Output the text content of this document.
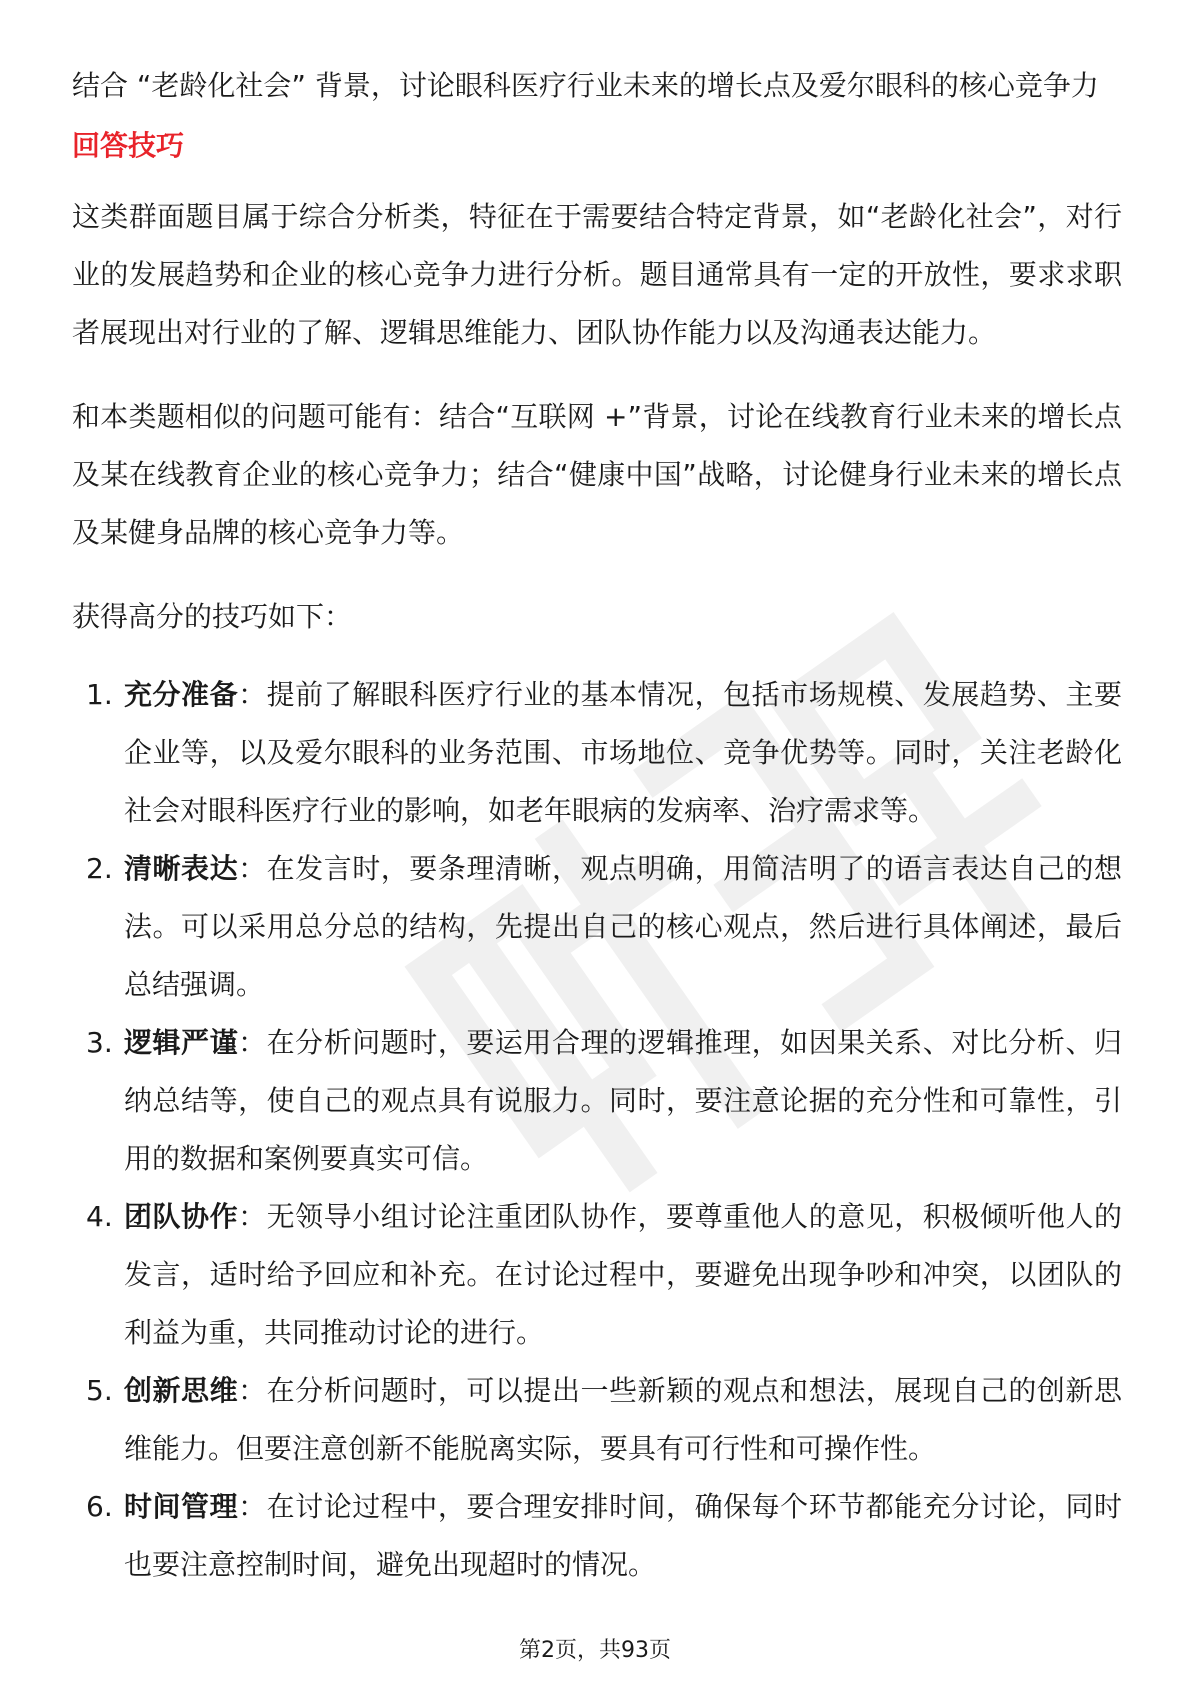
结合 “老龄化社会” 背景，讨论眼科医疗行业未来的增长点及爱尔眼科的核心竞争力

回答技巧

这类群面题目属于综合分析类，特征在于需要结合特定背景，如“老龄化社会”，对行业的发展趋势和企业的核心竞争力进行分析。题目通常具有一定的开放性，要求求职者展现出对行业的了解、逻辑思维能力、团队协作能力以及沟通表达能力。

和本类题相似的问题可能有：结合“互联网 +”背景，讨论在线教育行业未来的增长点及某在线教育企业的核心竞争力；结合“健康中国”战略，讨论健身行业未来的增长点及某健身品牌的核心竞争力等。

获得高分的技巧如下：

1. 充分准备：提前了解眼科医疗行业的基本情况，包括市场规模、发展趋势、主要企业等，以及爱尔眼科的业务范围、市场地位、竞争优势等。同时，关注老龄化社会对眼科医疗行业的影响，如老年眼病的发病率、治疗需求等。
2. 清晰表达：在发言时，要条理清晰，观点明确，用简洁明了的语言表达自己的想法。可以采用总分总的结构，先提出自己的核心观点，然后进行具体阐述，最后总结强调。
3. 逻辑严谨：在分析问题时，要运用合理的逻辑推理，如因果关系、对比分析、归纳总结等，使自己的观点具有说服力。同时，要注意论据的充分性和可靠性，引用的数据和案例要真实可信。
4. 团队协作：无领导小组讨论注重团队协作，要尊重他人的意见，积极倾听他人的发言，适时给予回应和补充。在讨论过程中，要避免出现争吵和冲突，以团队的利益为重，共同推动讨论的进行。
5. 创新思维：在分析问题时，可以提出一些新颖的观点和想法，展现自己的创新思维能力。但要注意创新不能脱离实际，要具有可行性和可操作性。
6. 时间管理：在讨论过程中，要合理安排时间，确保每个环节都能充分讨论，同时也要注意控制时间，避免出现超时的情况。
第2页，共93页
